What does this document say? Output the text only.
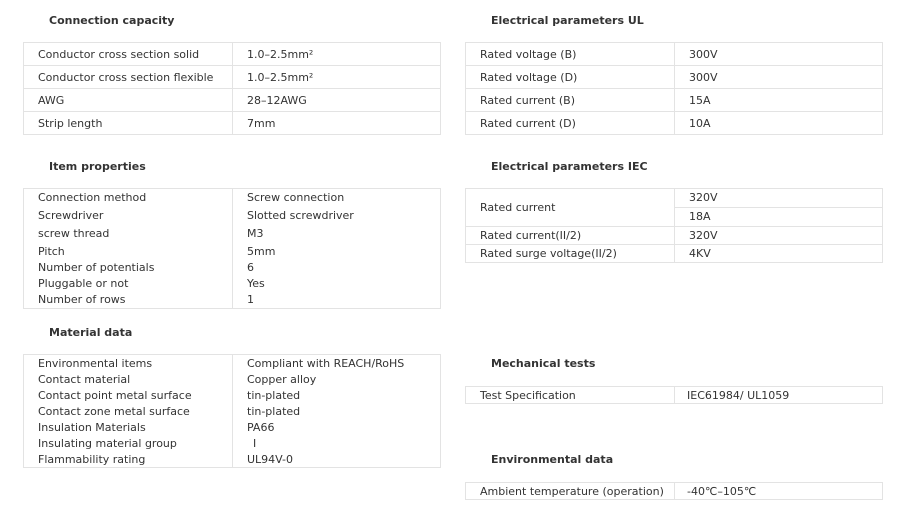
Connection capacity
Conductor cross section solid	1.0–2.5mm²
Conductor cross section flexible	1.0–2.5mm²
AWG	28–12AWG
Strip length	7mm
Electrical parameters UL
Rated voltage (B)	300V
Rated voltage (D)	300V
Rated current (B)	15A
Rated current (D)	10A
Item properties
Connection method	Screw connection
Screwdriver	Slotted screwdriver
screw thread	M3
Pitch	5mm
Number of potentials	6
Pluggable or not	Yes
Number of rows	1
Electrical parameters IEC
Rated current	320V
18A

Rated current(II/2)	320V
Rated surge voltage(II/2)	4KV
Material data
Environmental items	Compliant with REACH/RoHS
Contact material	Copper alloy
Contact point metal surface	tin-plated
Contact zone metal surface	tin-plated
Insulation Materials	PA66
Insulating material group	I
Flammability rating	UL94V-0
Mechanical tests
Test Specification	IEC61984/ UL1059
Environmental data
Ambient temperature (operation)	-40℃–105℃
